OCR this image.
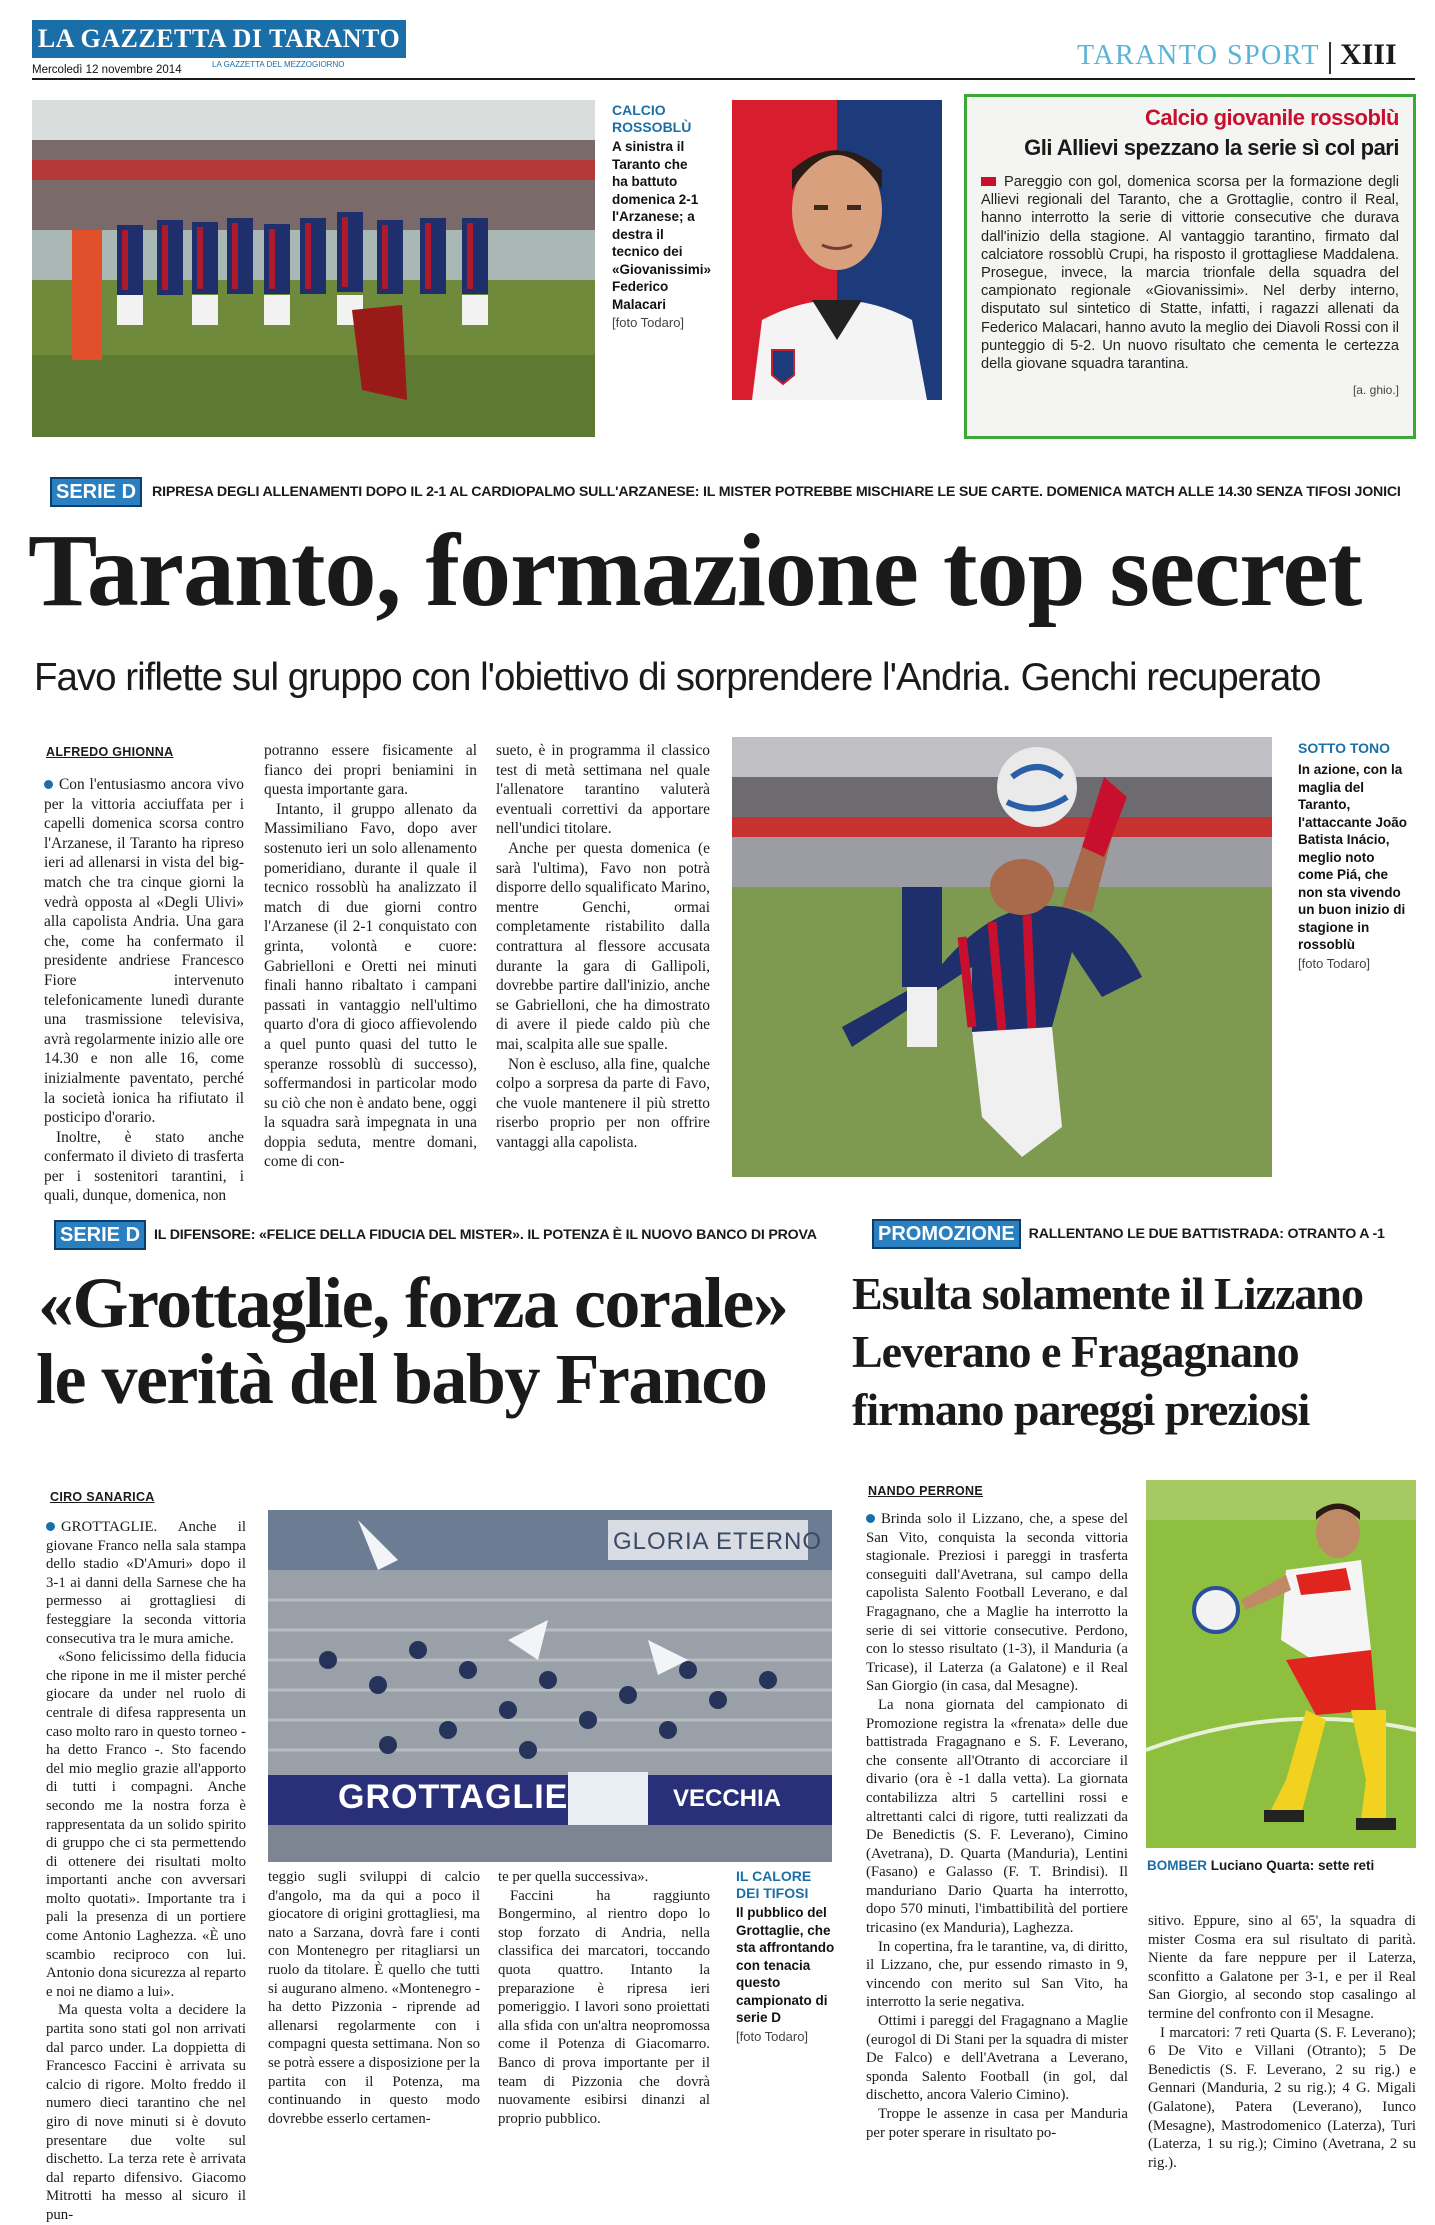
LA GAZZETTA DI TARANTO
LA GAZZETTA DEL MEZZOGIORNO
Mercoledì 12 novembre 2014	TARANTO SPORT XIII
CALCIO ROSSOBLÙ
A sinistra il Taranto che ha battuto domenica 2-1 l'Arzanese; a destra il tecnico dei «Giovanissimi» Federico Malacari
[foto Todaro]
Calcio giovanile rossoblù
Gli Allievi spezzano la serie sì col pari
Pareggio con gol, domenica scorsa per la formazione degli Allievi regionali del Taranto, che a Grottaglie, contro il Real, hanno interrotto la serie di vittorie consecutive che durava dall'inizio della stagione. Al vantaggio tarantino, firmato dal calciatore rossoblù Crupi, ha risposto il grottagliese Maddalena. Prosegue, invece, la marcia trionfale della squadra del campionato regionale «Giovanissimi». Nel derby interno, disputato sul sintetico di Statte, infatti, i ragazzi allenati da Federico Malacari, hanno avuto la meglio dei Diavoli Rossi con il punteggio di 5-2. Un nuovo risultato che cementa le certezza della giovane squadra tarantina.
[a. ghio.]
SERIE D	RIPRESA DEGLI ALLENAMENTI DOPO IL 2-1 AL CARDIOPALMO SULL'ARZANESE: IL MISTER POTREBBE MISCHIARE LE SUE CARTE. DOMENICA MATCH ALLE 14.30 SENZA TIFOSI JONICI
Taranto, formazione top secret
Favo riflette sul gruppo con l'obiettivo di sorprendere l'Andria. Genchi recuperato
ALFREDO GHIONNA

Con l'entusiasmo ancora vivo per la vittoria acciuffata per i capelli domenica scorsa contro l'Arzanese, il Taranto ha ripreso ieri ad allenarsi in vista del big-match che tra cinque giorni la vedrà opposta al «Degli Ulivi» alla capolista Andria. Una gara che, come ha confermato il presidente andriese Francesco Fiore intervenuto telefonicamente lunedì durante una trasmissione televisiva, avrà regolarmente inizio alle ore 14.30 e non alle 16, come inizialmente paventato, perché la società ionica ha rifiutato il posticipo d'orario.

Inoltre, è stato anche confermato il divieto di trasferta per i sostenitori tarantini, i quali, dunque, domenica, non

potranno essere fisicamente al fianco dei propri beniamini in questa importante gara.

Intanto, il gruppo allenato da Massimiliano Favo, dopo aver sostenuto ieri un solo allenamento pomeridiano, durante il quale il tecnico rossoblù ha analizzato il match di due giorni contro l'Arzanese (il 2-1 conquistato con grinta, volontà e cuore: Gabrielloni e Oretti nei minuti finali hanno ribaltato i campani passati in vantaggio nell'ultimo quarto d'ora di gioco affievolendo a quel punto quasi del tutto le speranze rossoblù di successo), soffermandosi in particolar modo su ciò che non è andato bene, oggi la squadra sarà impegnata in una doppia seduta, mentre domani, come di con-

sueto, è in programma il classico test di metà settimana nel quale l'allenatore tarantino valuterà eventuali correttivi da apportare nell'undici titolare.

Anche per questa domenica (e sarà l'ultima), Favo non potrà disporre dello squalificato Marino, mentre Genchi, ormai completamente ristabilito dalla contrattura al flessore accusata durante la gara di Gallipoli, dovrebbe partire dall'inizio, anche se Gabrielloni, che ha dimostrato di avere il piede caldo più che mai, scalpita alle sue spalle.

Non è escluso, alla fine, qualche colpo a sorpresa da parte di Favo, che vuole mantenere il più stretto riserbo proprio per non offrire vantaggi alla capolista.

SOTTO TONO
In azione, con la maglia del Taranto, l'attaccante João Batista Inácio, meglio noto come Piá, che non sta vivendo un buon inizio di stagione in rossoblù
[foto Todaro]
SERIE D IL DIFENSORE: «FELICE DELLA FIDUCIA DEL MISTER». IL POTENZA È IL NUOVO BANCO DI PROVA
«Grottaglie, forza corale»
le verità del baby Franco
CIRO SANARICA

GROTTAGLIE. Anche il giovane Franco nella sala stampa dello stadio «D'Amuri» dopo il 3-1 ai danni della Sarnese che ha permesso ai grottagliesi di festeggiare la seconda vittoria consecutiva tra le mura amiche.

«Sono felicissimo della fiducia che ripone in me il mister perché giocare da under nel ruolo di centrale di difesa rappresenta un caso molto raro in questo torneo - ha detto Franco -. Sto facendo del mio meglio grazie all'apporto di tutti i compagni. Anche secondo me la nostra forza è rappresentata da un solido spirito di gruppo che ci sta permettendo di ottenere dei risultati molto importanti anche con avversari molto quotati». Importante tra i pali la presenza di un portiere come Antonio Laghezza. «È uno scambio reciproco con lui. Antonio dona sicurezza al reparto e noi ne diamo a lui».

Ma questa volta a decidere la partita sono stati gol non arrivati dal parco under. La doppietta di Francesco Faccini è arrivata su calcio di rigore. Molto freddo il numero dieci tarantino che nel giro di nove minuti si è dovuto presentare due volte sul dischetto. La terza rete è arrivata dal reparto difensivo. Giacomo Mitrotti ha messo al sicuro il pun-

GLORIA ETERNO
GROTTAGLIE	VECCHIA

teggio sugli sviluppi di calcio d'angolo, ma da qui a poco il giocatore di origini grottagliesi, ma nato a Sarzana, dovrà fare i conti con Montenegro per ritagliarsi un ruolo da titolare. È quello che tutti si augurano almeno. «Montenegro - ha detto Pizzonia - riprende ad allenarsi regolarmente con i compagni questa settimana. Non so se potrà essere a disposizione per la partita con il Potenza, ma continuando in questo modo dovrebbe esserlo certamen-

te per quella successiva».

Faccini ha raggiunto Bongermino, al rientro dopo lo stop forzato di Andria, nella classifica dei marcatori, toccando quota quattro. Intanto la preparazione è ripresa ieri pomeriggio. I lavori sono proiettati alla sfida con un'altra neopromossa come il Potenza di Giacomarro. Banco di prova importante per il team di Pizzonia che dovrà nuovamente esibirsi dinanzi al proprio pubblico.

IL CALORE DEI TIFOSI
Il pubblico del Grottaglie, che sta affrontando con tenacia questo campionato di serie D
[foto Todaro]
PROMOZIONE RALLENTANO LE DUE BATTISTRADA: OTRANTO A -1
Esulta solamente il Lizzano
Leverano e Fragagnano
firmano pareggi preziosi
NANDO PERRONE

Brinda solo il Lizzano, che, a spese del San Vito, conquista la seconda vittoria stagionale. Preziosi i pareggi in trasferta conseguiti dall'Avetrana, sul campo della capolista Salento Football Leverano, e dal Fragagnano, che a Maglie ha interrotto la serie di sei vittorie consecutive. Perdono, con lo stesso risultato (1-3), il Manduria (a Tricase), il Laterza (a Galatone) e il Real San Giorgio (in casa, dal Mesagne).

La nona giornata del campionato di Promozione registra la «frenata» delle due battistrada Fragagnano e S. F. Leverano, che consente all'Otranto di accorciare il divario (ora è -1 dalla vetta). La giornata contabilizza altri 5 cartellini rossi e altrettanti calci di rigore, tutti realizzati da De Benedictis (S. F. Leverano), Cimino (Avetrana), D. Quarta (Manduria), Lentini (Fasano) e Galasso (F. T. Brindisi). Il manduriano Dario Quarta ha interrotto, dopo 570 minuti, l'imbattibilità del portiere tricasino (ex Manduria), Laghezza.

In copertina, fra le tarantine, va, di diritto, il Lizzano, che, pur essendo rimasto in 9, vincendo con merito sul San Vito, ha interrotto la serie negativa.

Ottimi i pareggi del Fragagnano a Maglie (eurogol di Di Stani per la squadra di mister De Falco) e dell'Avetrana a Leverano, sponda Salento Football (in gol, dal dischetto, ancora Valerio Cimino).

Troppe le assenze in casa per Manduria per poter sperare in risultato po-

BOMBER Luciano Quarta: sette reti

sitivo. Eppure, sino al 65', la squadra di mister Cosma era sul risultato di parità. Niente da fare neppure per il Laterza, sconfitto a Galatone per 3-1, e per il Real San Giorgio, al secondo stop casalingo al termine del confronto con il Mesagne.

I marcatori: 7 reti Quarta (S. F. Leverano); 6 De Vito e Villani (Otranto); 5 De Benedictis (S. F. Leverano, 2 su rig.) e Gennari (Manduria, 2 su rig.); 4 G. Migali (Galatone), Patera (Leverano), Iunco (Mesagne), Mastrodomenico (Laterza), Turi (Laterza, 1 su rig.); Cimino (Avetrana, 2 su rig.).
